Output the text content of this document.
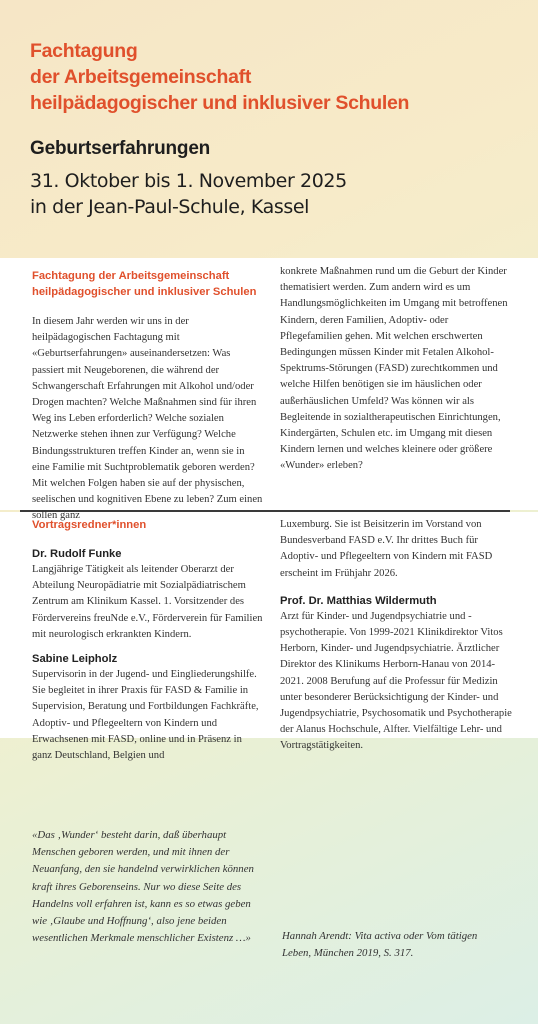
Fachtagung
der Arbeitsgemeinschaft
heilpädagogischer und inklusiver Schulen
Geburtserfahrungen
31. Oktober bis 1. November 2025
in der Jean-Paul-Schule, Kassel
Fachtagung der Arbeitsgemeinschaft heilpädagogischer und inklusiver Schulen

In diesem Jahr werden wir uns in der heilpädagogischen Fachtagung mit «Geburtserfahrungen» auseinandersetzen: Was passiert mit Neugeborenen, die während der Schwangerschaft Erfahrungen mit Alkohol und/oder Drogen machten? Welche Maßnahmen sind für ihren Weg ins Leben erforderlich? Welche sozialen Netzwerke stehen ihnen zur Verfügung? Welche Bindungsstrukturen treffen Kinder an, wenn sie in eine Familie mit Suchtproblematik geboren werden? Mit welchen Folgen haben sie auf der physischen, seelischen und kognitiven Ebene zu leben? Zum einen sollen ganz

konkrete Maßnahmen rund um die Geburt der Kinder thematisiert werden. Zum andern wird es um Handlungsmöglichkeiten im Umgang mit betroffenen Kindern, deren Familien, Adoptiv- oder Pflegefamilien gehen. Mit welchen erschwerten Bedingungen müssen Kinder mit Fetalen Alkohol-Spektrums-Störungen (FASD) zurechtkommen und welche Hilfen benötigen sie im häuslichen oder außerhäuslichen Umfeld? Was können wir als Begleitende in sozialtherapeutischen Einrichtungen, Kindergärten, Schulen etc. im Umgang mit diesen Kindern lernen und welches kleinere oder größere «Wunder» erleben?

Vortragsredner*innen
Dr. Rudolf Funke

Langjährige Tätigkeit als leitender Oberarzt der Abteilung Neuropädiatrie mit Sozialpädiatrischem Zentrum am Klinikum Kassel. 1. Vorsitzender des Fördervereins freuNde e.V., Förderverein für Familien mit neurologisch erkrankten Kindern.

Sabine Leipholz

Supervisorin in der Jugend- und Eingliederungshilfe. Sie begleitet in ihrer Praxis für FASD & Familie in Supervision, Beratung und Fortbildungen Fachkräfte, Adoptiv- und Pflegeeltern von Kindern und Erwachsenen mit FASD, online und in Präsenz in ganz Deutschland, Belgien und

Luxemburg. Sie ist Beisitzerin im Vorstand von Bundesverband FASD e.V. Ihr drittes Buch für Adoptiv- und Pflegeeltern von Kindern mit FASD erscheint im Frühjahr 2026.

Prof. Dr. Matthias Wildermuth

Arzt für Kinder- und Jugendpsychiatrie und -psychotherapie. Von 1999-2021 Klinikdirektor Vitos Herborn, Kinder- und Jugendpsychiatrie. Ärztlicher Direktor des Klinikums Herborn-Hanau von 2014-2021. 2008 Berufung auf die Professur für Medizin unter besonderer Berücksichtigung der Kinder- und Jugendpsychiatrie, Psychosomatik und Psychotherapie der Alanus Hochschule, Alfter. Vielfältige Lehr- und Vortragstätigkeiten.

«Das ‚Wunder‘ besteht darin, daß überhaupt Menschen geboren werden, und mit ihnen der Neuanfang, den sie handelnd verwirklichen können kraft ihres Geborenseins. Nur wo diese Seite des Handelns voll erfahren ist, kann es so etwas geben wie ‚Glaube und Hoffnung‘, also jene beiden wesentlichen Merkmale menschlicher Existenz …»	Hannah Arendt: Vita activa oder Vom tätigen Leben, München 2019, S. 317.
